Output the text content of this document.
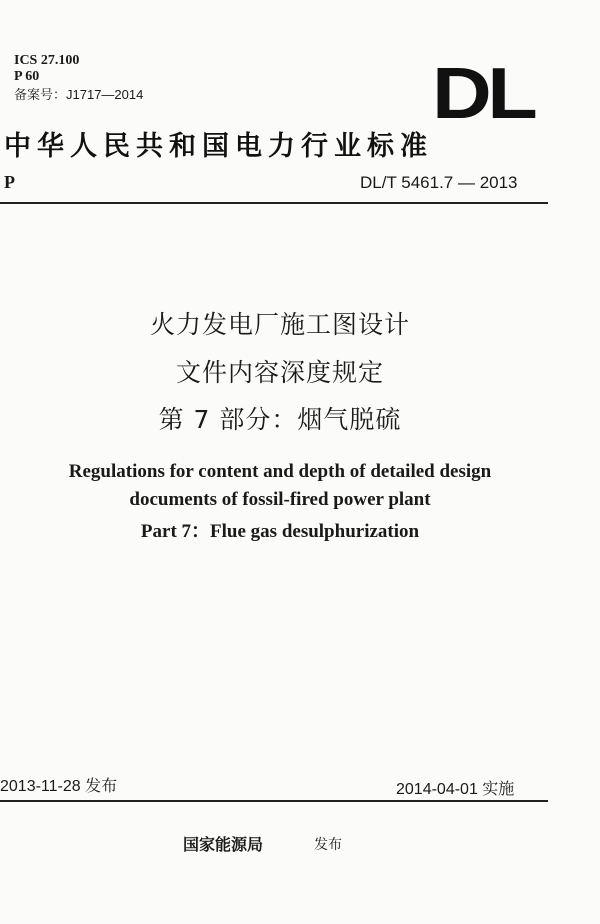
ICS 27.100
P 60
备案号：J1717—2014	DL
中华人民共和国电力行业标准
P	DL/T 5461.7 — 2013
火力发电厂施工图设计
文件内容深度规定
第 7 部分：烟气脱硫
Regulations for content and depth of detailed design
documents of fossil-fired power plant
Part 7：Flue gas desulphurization
2013-11-28 发布	2014-04-01 实施
国家能源局	发布
